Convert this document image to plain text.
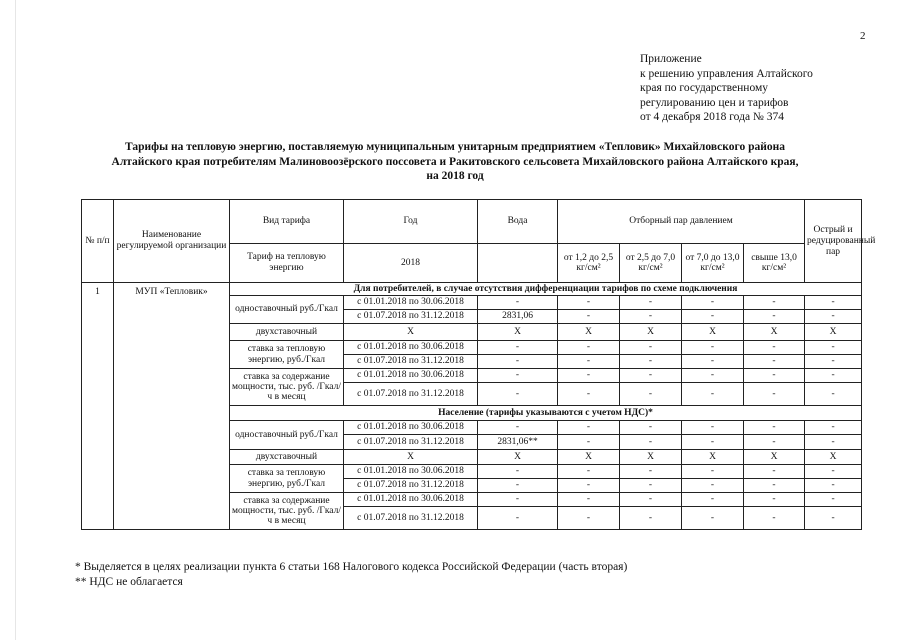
2
Приложение
к решению управления Алтайского
края по государственному
регулированию цен и тарифов
от 4 декабря 2018 года № 374
Тарифы на тепловую энергию, поставляемую муниципальным унитарным предприятием «Тепловик» Михайловского района
Алтайского края потребителям Малиновоозёрского поссовета и Ракитовского сельсовета Михайловского района Алтайского края,
на 2018 год
№ п/п	Наименование регулируемой организации	Вид тарифа	Год	Вода	Отборный пар давлением				Острый и редуцированный пар
		Тариф на тепловую энергию	2018		от 1,2 до 2,5 кг/см²	от 2,5 до 7,0 кг/см²	от 7,0 до 13,0 кг/см²	свыше 13,0 кг/см²	
1	МУП «Тепловик»	Для потребителей, в случае отсутствия дифференциации тарифов по схеме подключения							
		одноставочный руб./Гкал	с 01.01.2018 по 30.06.2018	-	-	-	-	-	-
			с 01.07.2018 по 31.12.2018	2831,06	-	-	-	-	-
		двухставочный	X	X	X	X	X	X	X
		ставка за тепловую энергию, руб./Гкал	с 01.01.2018 по 30.06.2018	-	-	-	-	-	-
			с 01.07.2018 по 31.12.2018	-	-	-	-	-	-
		ставка за содержание мощности, тыс. руб. /Гкал/ч в месяц	с 01.01.2018 по 30.06.2018	-	-	-	-	-	-
			с 01.07.2018 по 31.12.2018	-	-	-	-	-	-
		Население (тарифы указываются с учетом НДС)*							
		одноставочный руб./Гкал	с 01.01.2018 по 30.06.2018	-	-	-	-	-	-
			с 01.07.2018 по 31.12.2018	2831,06**	-	-	-	-	-
		двухставочный	X	X	X	X	X	X	X
		ставка за тепловую энергию, руб./Гкал	с 01.01.2018 по 30.06.2018	-	-	-	-	-	-
			с 01.07.2018 по 31.12.2018	-	-	-	-	-	-
		ставка за содержание мощности, тыс. руб. /Гкал/ч в месяц	с 01.01.2018 по 30.06.2018	-	-	-	-	-	-
			с 01.07.2018 по 31.12.2018	-	-	-	-	-	-
* Выделяется в целях реализации пункта 6 статьи 168 Налогового кодекса Российской Федерации (часть вторая)
** НДС не облагается
